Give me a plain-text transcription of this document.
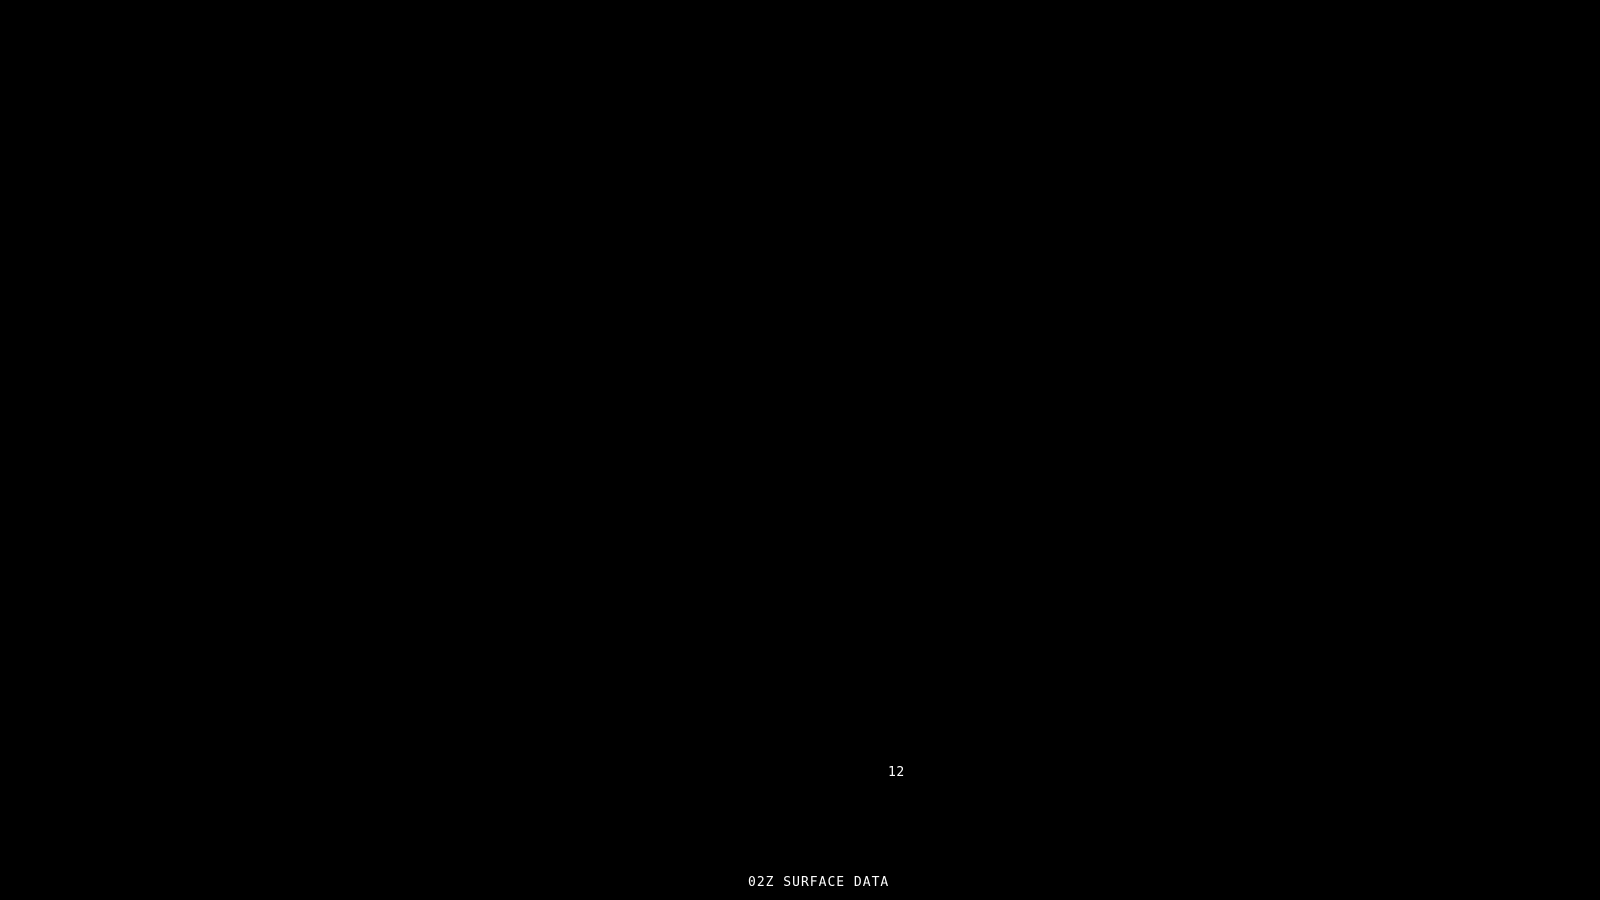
12
02Z SURFACE DATA
